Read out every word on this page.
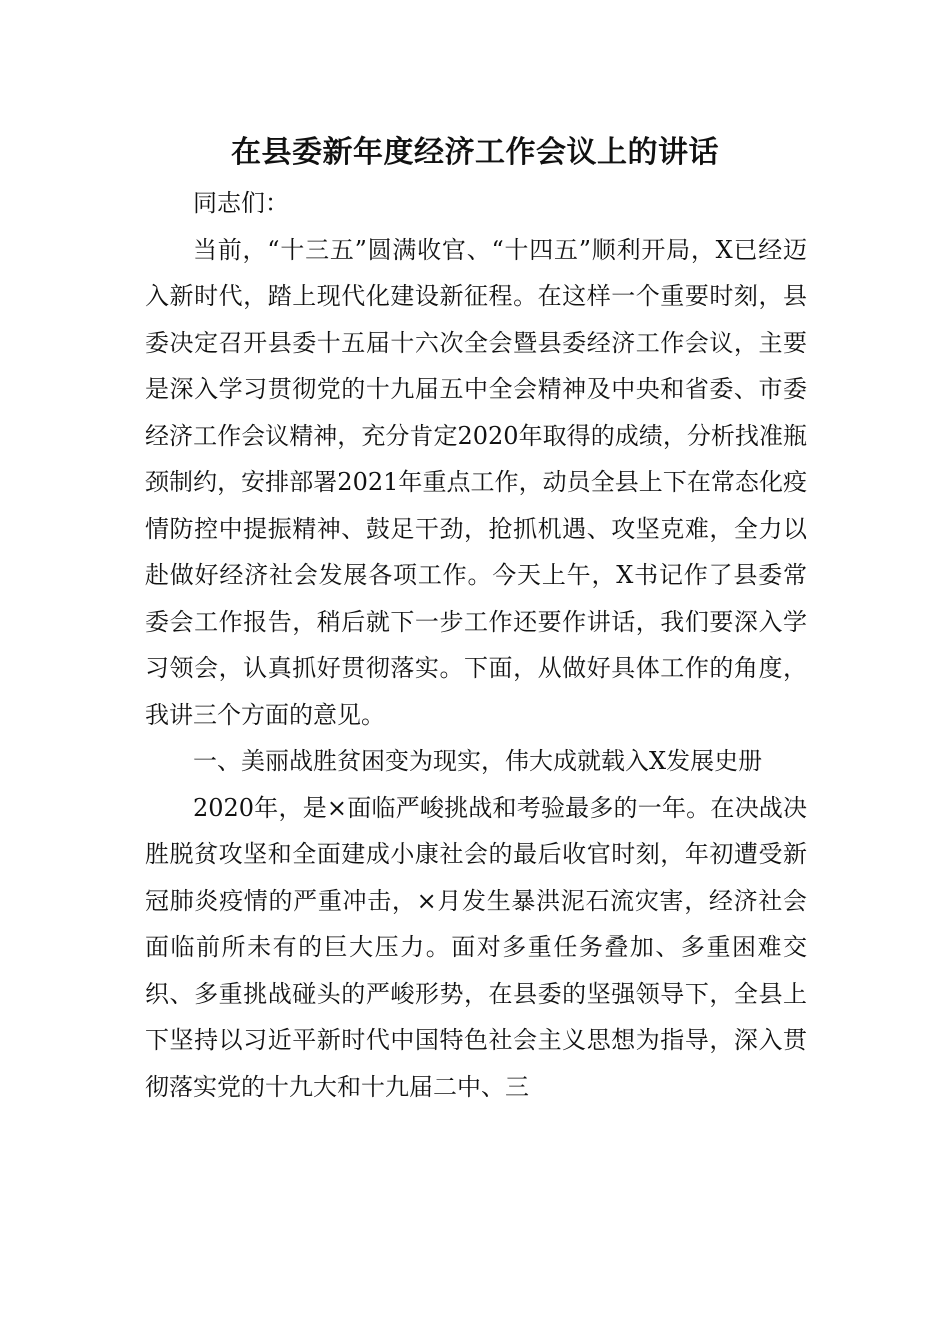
在县委新年度经济工作会议上的讲话

同志们：

当前，“十三五”圆满收官、“十四五”顺利开局，X已经迈入新时代，踏上现代化建设新征程。在这样一个重要时刻，县委决定召开县委十五届十六次全会暨县委经济工作会议，主要是深入学习贯彻党的十九届五中全会精神及中央和省委、市委经济工作会议精神，充分肯定2020年取得的成绩，分析找准瓶颈制约，安排部署2021年重点工作，动员全县上下在常态化疫情防控中提振精神、鼓足干劲，抢抓机遇、攻坚克难，全力以赴做好经济社会发展各项工作。今天上午，X书记作了县委常委会工作报告，稍后就下一步工作还要作讲话，我们要深入学习领会，认真抓好贯彻落实。下面，从做好具体工作的角度，我讲三个方面的意见。

一、美丽战胜贫困变为现实，伟大成就载入X发展史册

2020年，是×面临严峻挑战和考验最多的一年。在决战决胜脱贫攻坚和全面建成小康社会的最后收官时刻，年初遭受新冠肺炎疫情的严重冲击，×月发生暴洪泥石流灾害，经济社会面临前所未有的巨大压力。面对多重任务叠加、多重困难交织、多重挑战碰头的严峻形势，在县委的坚强领导下，全县上下坚持以习近平新时代中国特色社会主义思想为指导，深入贯彻落实党的十九大和十九届二中、三
